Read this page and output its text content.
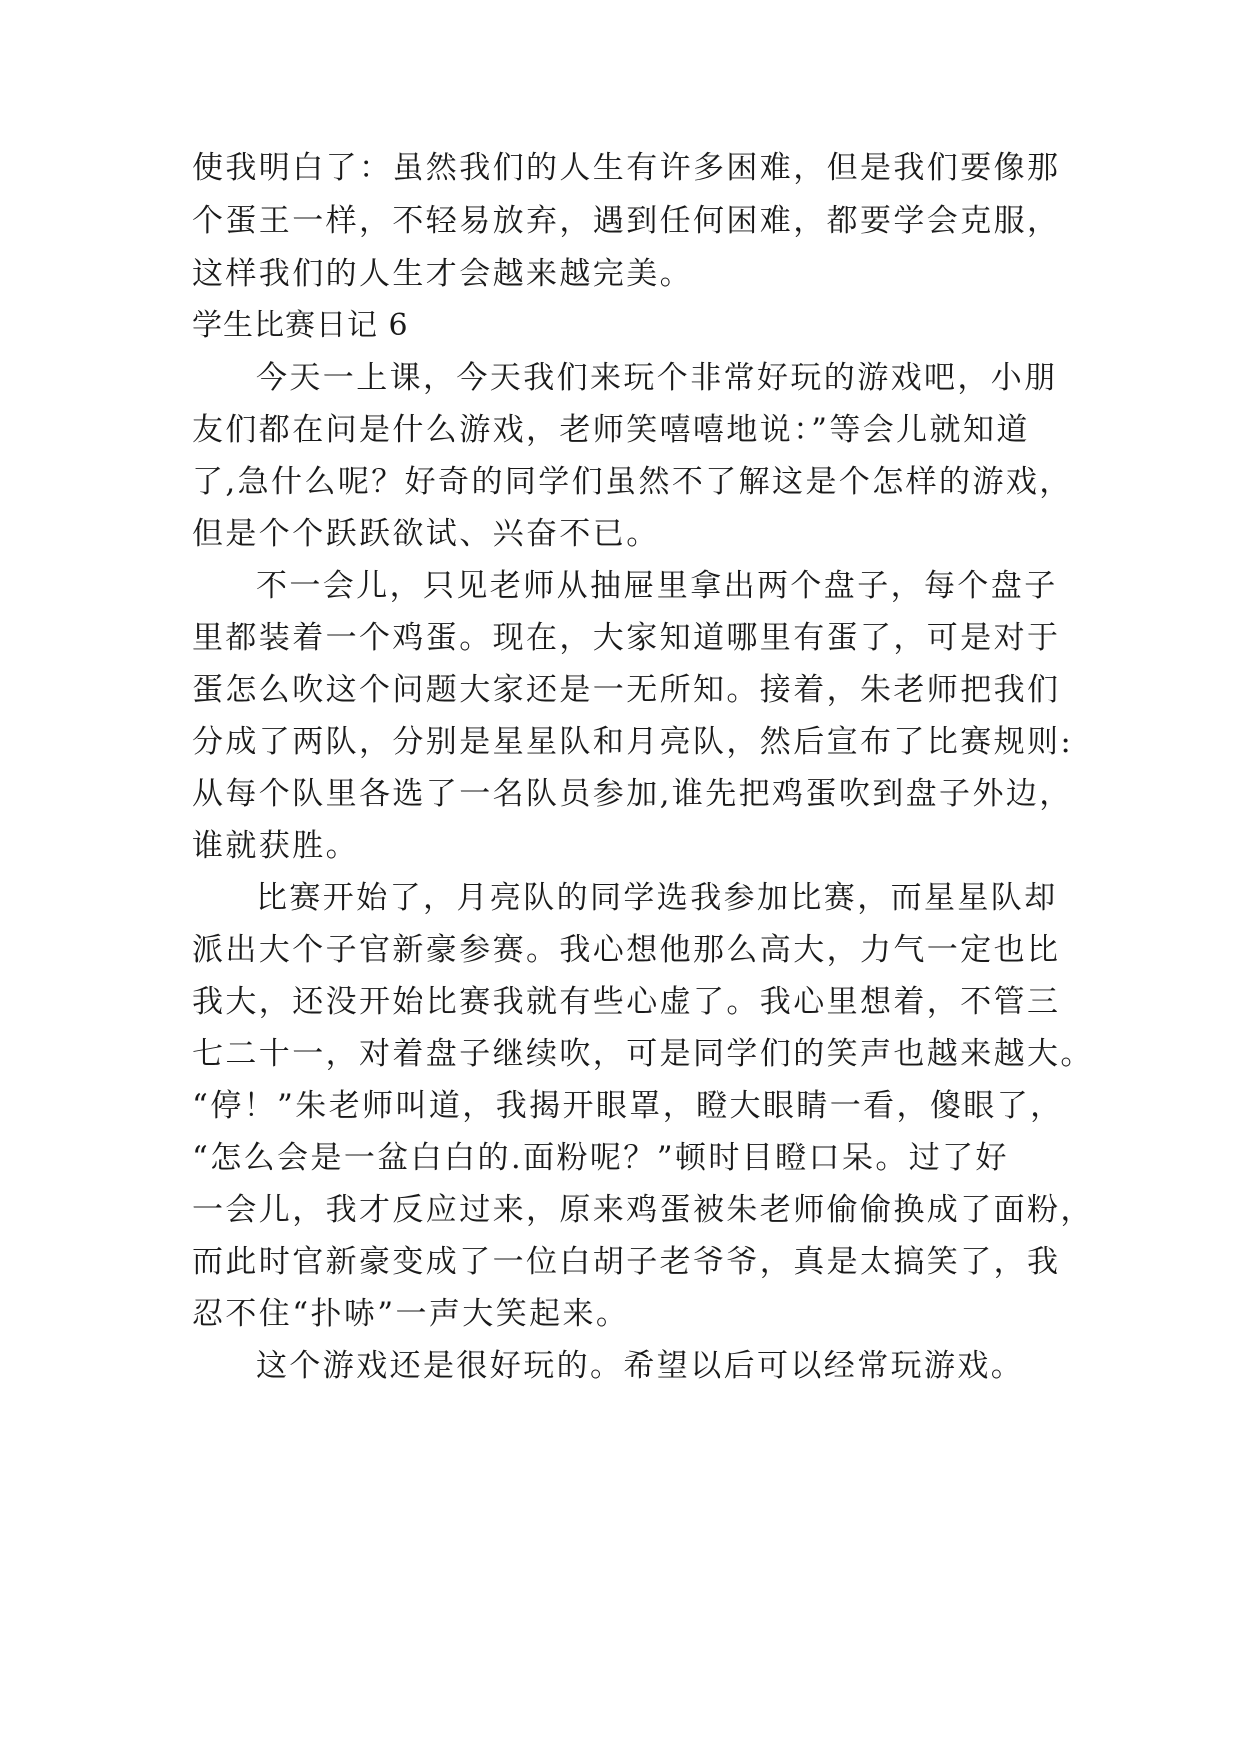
使我明白了：虽然我们的人生有许多困难，但是我们要像那

个蛋王一样，不轻易放弃，遇到任何困难，都要学会克服，

这样我们的人生才会越来越完美。

学生比赛日记 6

今天一上课，今天我们来玩个非常好玩的游戏吧，小朋

友们都在问是什么游戏，老师笑嘻嘻地说：”等会儿就知道

了,急什么呢？好奇的同学们虽然不了解这是个怎样的游戏，

但是个个跃跃欲试、兴奋不已。

不一会儿，只见老师从抽屉里拿出两个盘子，每个盘子

里都装着一个鸡蛋。现在，大家知道哪里有蛋了，可是对于

蛋怎么吹这个问题大家还是一无所知。接着，朱老师把我们

分成了两队，分别是星星队和月亮队，然后宣布了比赛规则:

从每个队里各选了一名队员参加,谁先把鸡蛋吹到盘子外边，

谁就获胜。

比赛开始了，月亮队的同学选我参加比赛，而星星队却

派出大个子官新豪参赛。我心想他那么高大，力气一定也比

我大，还没开始比赛我就有些心虚了。我心里想着，不管三

七二十一，对着盘子继续吹，可是同学们的笑声也越来越大。

“停！”朱老师叫道，我揭开眼罩，瞪大眼睛一看，傻眼了，

“怎么会是一盆白白的.面粉呢？”顿时目瞪口呆。过了好

一会儿，我才反应过来，原来鸡蛋被朱老师偷偷换成了面粉，

而此时官新豪变成了一位白胡子老爷爷，真是太搞笑了，我

忍不住“扑哧”一声大笑起来。

这个游戏还是很好玩的。希望以后可以经常玩游戏。
